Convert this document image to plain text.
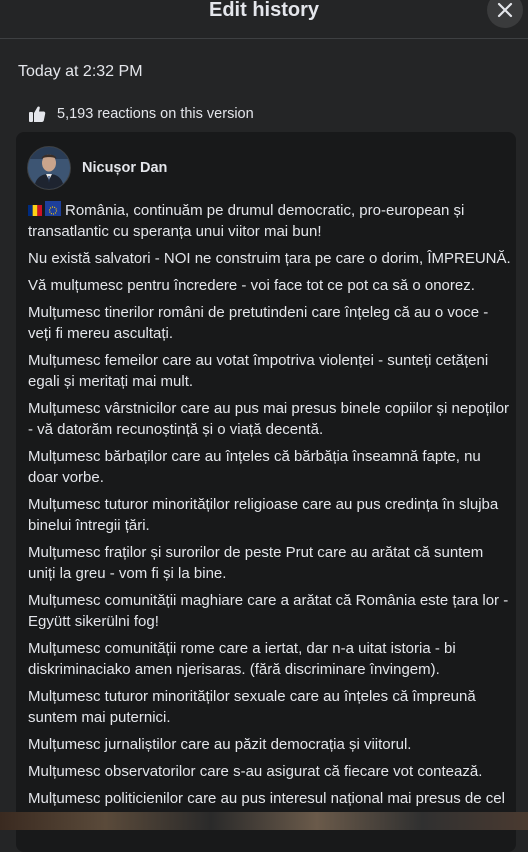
Edit history
Today at 2:32 PM
5,193 reactions on this version
Nicușor Dan

România, continuăm pe drumul democratic, pro-european și transatlantic cu speranța unui viitor mai bun!

Nu există salvatori - NOI ne construim țara pe care o dorim, ÎMPREUNĂ.

Vă mulțumesc pentru încredere - voi face tot ce pot ca să o onorez.

Mulțumesc tinerilor români de pretutindeni care înțeleg că au o voce - veți fi mereu ascultați.

Mulțumesc femeilor care au votat împotriva violenței - sunteți cetățeni egali și meritați mai mult.

Mulțumesc vârstnicilor care au pus mai presus binele copiilor și nepoților - vă datorăm recunoștință și o viață decentă.

Mulțumesc bărbaților care au înțeles că bărbăția înseamnă fapte, nu doar vorbe.

Mulțumesc tuturor minorităților religioase care au pus credința în slujba binelui întregii țări.

Mulțumesc fraților și surorilor de peste Prut care au arătat că suntem uniți la greu - vom fi și la bine.

Mulțumesc comunității maghiare care a arătat că România este țara lor - Együtt sikerülni fog!

Mulțumesc comunității rome care a iertat, dar n-a uitat istoria - bi diskriminaciako amen njerisaras. (fără discriminare învingem).

Mulțumesc tuturor minorităților sexuale care au înțeles că împreună suntem mai puternici.

Mulțumesc jurnaliștilor care au păzit democrația și viitorul.

Mulțumesc observatorilor care s-au asigurat că fiecare vot contează.

Mulțumesc politicienilor care au pus interesul național mai presus de cel
